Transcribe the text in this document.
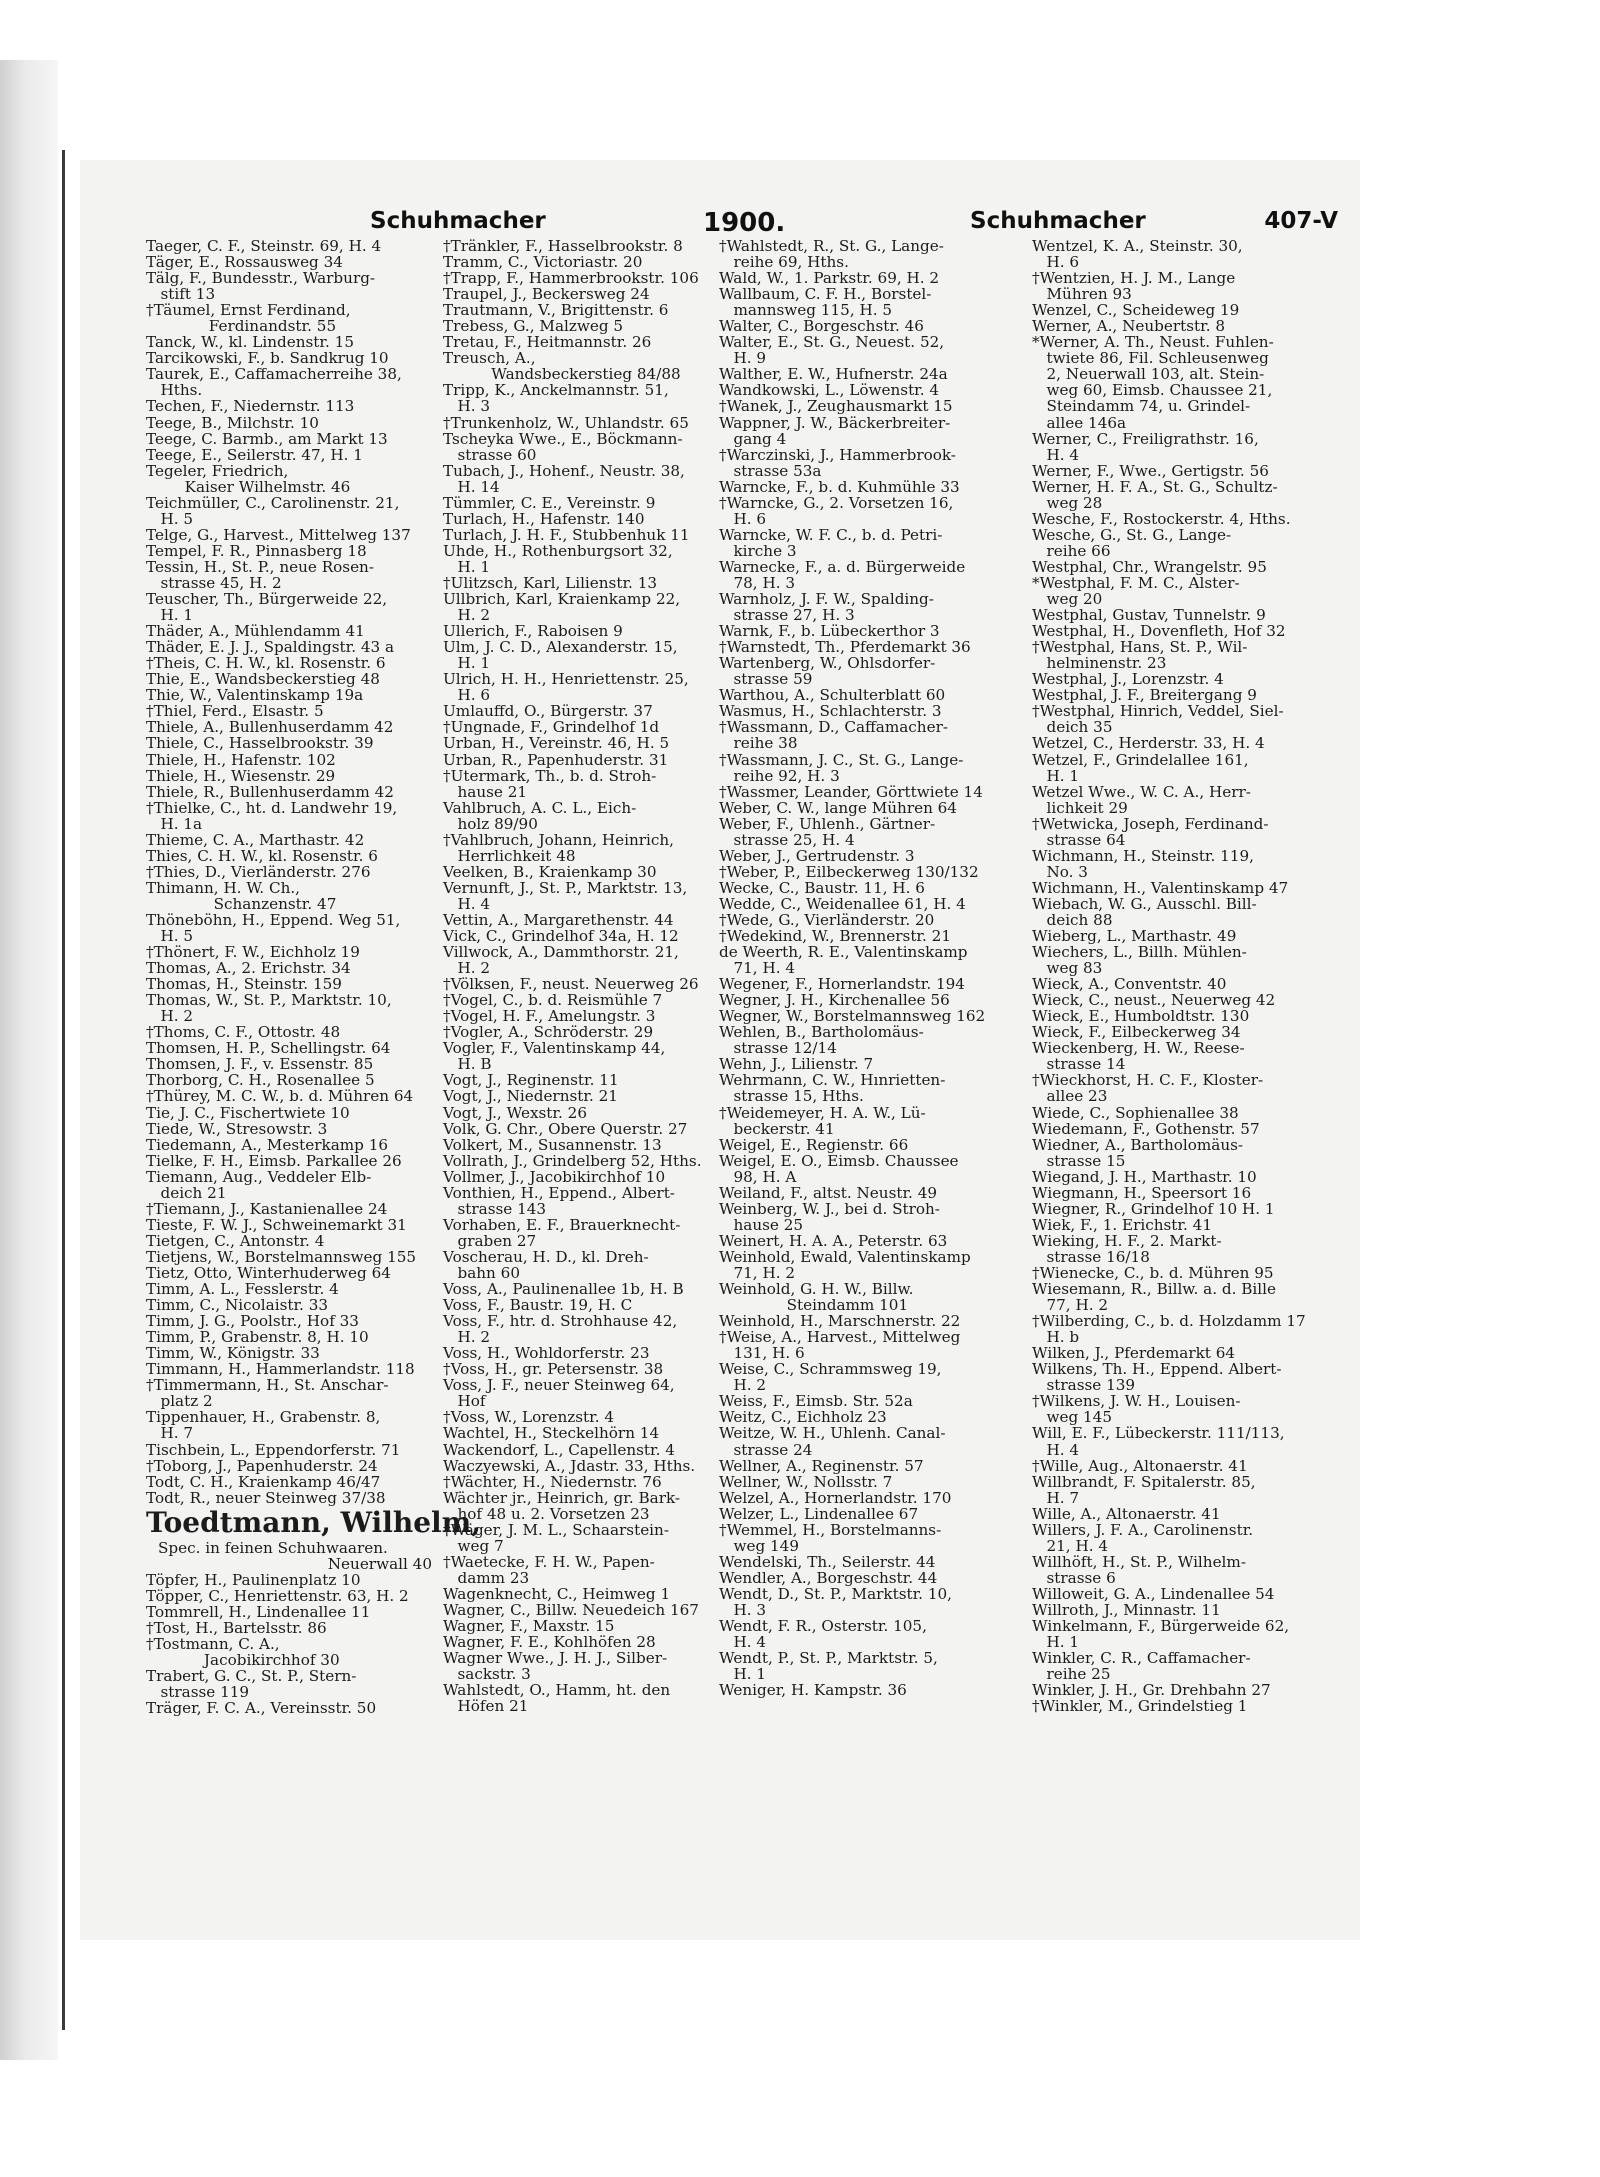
Schuhmacher	1900.	Schuhmacher	407-V
Taeger, C. F., Steinstr. 69, H. 4
Täger, E., Rossausweg 34
Tälg, F., Bundesstr., Warburg-
stift 13
†Täumel, Ernst Ferdinand,
Ferdinandstr. 55
Tanck, W., kl. Lindenstr. 15
Tarcikowski, F., b. Sandkrug 10
Taurek, E., Caffamacherreihe 38,
Hths.
Techen, F., Niedernstr. 113
Teege, B., Milchstr. 10
Teege, C. Barmb., am Markt 13
Teege, E., Seilerstr. 47, H. 1
Tegeler, Friedrich,
Kaiser Wilhelmstr. 46
Teichmüller, C., Carolinenstr. 21,
H. 5
Telge, G., Harvest., Mittelweg 137
Tempel, F. R., Pinnasberg 18
Tessin, H., St. P., neue Rosen-
strasse 45, H. 2
Teuscher, Th., Bürgerweide 22,
H. 1
Thäder, A., Mühlendamm 41
Thäder, E. J. J., Spaldingstr. 43 a
†Theis, C. H. W., kl. Rosenstr. 6
Thie, E., Wandsbeckerstieg 48
Thie, W., Valentinskamp 19a
†Thiel, Ferd., Elsastr. 5
Thiele, A., Bullenhuserdamm 42
Thiele, C., Hasselbrookstr. 39
Thiele, H., Hafenstr. 102
Thiele, H., Wiesenstr. 29
Thiele, R., Bullenhuserdamm 42
†Thielke, C., ht. d. Landwehr 19,
H. 1a
Thieme, C. A., Marthastr. 42
Thies, C. H. W., kl. Rosenstr. 6
†Thies, D., Vierländerstr. 276
Thimann, H. W. Ch.,
Schanzenstr. 47
Thöneböhn, H., Eppend. Weg 51,
H. 5
†Thönert, F. W., Eichholz 19
Thomas, A., 2. Erichstr. 34
Thomas, H., Steinstr. 159
Thomas, W., St. P., Marktstr. 10,
H. 2
†Thoms, C. F., Ottostr. 48
Thomsen, H. P., Schellingstr. 64
Thomsen, J. F., v. Essenstr. 85
Thorborg, C. H., Rosenallee 5
†Thürey, M. C. W., b. d. Mühren 64
Tie, J. C., Fischertwiete 10
Tiede, W., Stresowstr. 3
Tiedemann, A., Mesterkamp 16
Tielke, F. H., Eimsb. Parkallee 26
Tiemann, Aug., Veddeler Elb-
deich 21
†Tiemann, J., Kastanienallee 24
Tieste, F. W. J., Schweinemarkt 31
Tietgen, C., Antonstr. 4
Tietjens, W., Borstelmannsweg 155
Tietz, Otto, Winterhuderweg 64
Timm, A. L., Fesslerstr. 4
Timm, C., Nicolaistr. 33
Timm, J. G., Poolstr., Hof 33
Timm, P., Grabenstr. 8, H. 10
Timm, W., Königstr. 33
Timmann, H., Hammerlandstr. 118
†Timmermann, H., St. Anschar-
platz 2
Tippenhauer, H., Grabenstr. 8,
H. 7
Tischbein, L., Eppendorferstr. 71
†Toborg, J., Papenhuderstr. 24
Todt, C. H., Kraienkamp 46/47
Todt, R., neuer Steinweg 37/38
Toedtmann, Wilhelm,
Spec. in feinen Schuhwaaren.
Neuerwall 40
Töpfer, H., Paulinenplatz 10
Töpper, C., Henriettenstr. 63, H. 2
Tommrell, H., Lindenallee 11
†Tost, H., Bartelsstr. 86
†Tostmann, C. A.,
Jacobikirchhof 30
Trabert, G. C., St. P., Stern-
strasse 119
Träger, F. C. A., Vereinsstr. 50
†Tränkler, F., Hasselbrookstr. 8
Tramm, C., Victoriastr. 20
†Trapp, F., Hammerbrookstr. 106
Traupel, J., Beckersweg 24
Trautmann, V., Brigittenstr. 6
Trebess, G., Malzweg 5
Tretau, F., Heitmannstr. 26
Treusch, A.,
Wandsbeckerstieg 84/88
Tripp, K., Anckelmannstr. 51,
H. 3
†Trunkenholz, W., Uhlandstr. 65
Tscheyka Wwe., E., Böckmann-
strasse 60
Tubach, J., Hohenf., Neustr. 38,
H. 14
Tümmler, C. E., Vereinstr. 9
Turlach, H., Hafenstr. 140
Turlach, J. H. F., Stubbenhuk 11
Uhde, H., Rothenburgsort 32,
H. 1
†Ulitzsch, Karl, Lilienstr. 13
Ullbrich, Karl, Kraienkamp 22,
H. 2
Ullerich, F., Raboisen 9
Ulm, J. C. D., Alexanderstr. 15,
H. 1
Ulrich, H. H., Henriettenstr. 25,
H. 6
Umlauffd, O., Bürgerstr. 37
†Ungnade, F., Grindelhof 1d
Urban, H., Vereinstr. 46, H. 5
Urban, R., Papenhuderstr. 31
†Utermark, Th., b. d. Stroh-
hause 21
Vahlbruch, A. C. L., Eich-
holz 89/90
†Vahlbruch, Johann, Heinrich,
Herrlichkeit 48
Veelken, B., Kraienkamp 30
Vernunft, J., St. P., Marktstr. 13,
H. 4
Vettin, A., Margarethenstr. 44
Vick, C., Grindelhof 34a, H. 12
Villwock, A., Dammthorstr. 21,
H. 2
†Völksen, F., neust. Neuerweg 26
†Vogel, C., b. d. Reismühle 7
†Vogel, H. F., Amelungstr. 3
†Vogler, A., Schröderstr. 29
Vogler, F., Valentinskamp 44,
H. B
Vogt, J., Reginenstr. 11
Vogt, J., Niedernstr. 21
Vogt, J., Wexstr. 26
Volk, G. Chr., Obere Querstr. 27
Volkert, M., Susannenstr. 13
Vollrath, J., Grindelberg 52, Hths.
Vollmer, J., Jacobikirchhof 10
Vonthien, H., Eppend., Albert-
strasse 143
Vorhaben, E. F., Brauerknecht-
graben 27
Voscherau, H. D., kl. Dreh-
bahn 60
Voss, A., Paulinenallee 1b, H. B
Voss, F., Baustr. 19, H. C
Voss, F., htr. d. Strohhause 42,
H. 2
Voss, H., Wohldorferstr. 23
†Voss, H., gr. Petersenstr. 38
Voss, J. F., neuer Steinweg 64,
Hof
†Voss, W., Lorenzstr. 4
Wachtel, H., Steckelhörn 14
Wackendorf, L., Capellenstr. 4
Waczyewski, A., Jdastr. 33, Hths.
†Wächter, H., Niedernstr. 76
Wächter jr., Heinrich, gr. Bark-
hof 48 u. 2. Vorsetzen 23
†Wäger, J. M. L., Schaarstein-
weg 7
†Waetecke, F. H. W., Papen-
damm 23
Wagenknecht, C., Heimweg 1
Wagner, C., Billw. Neuedeich 167
Wagner, F., Maxstr. 15
Wagner, F. E., Kohlhöfen 28
Wagner Wwe., J. H. J., Silber-
sackstr. 3
Wahlstedt, O., Hamm, ht. den
Höfen 21
†Wahlstedt, R., St. G., Lange-
reihe 69, Hths.
Wald, W., 1. Parkstr. 69, H. 2
Wallbaum, C. F. H., Borstel-
mannsweg 115, H. 5
Walter, C., Borgeschstr. 46
Walter, E., St. G., Neuest. 52,
H. 9
Walther, E. W., Hufnerstr. 24a
Wandkowski, L., Löwenstr. 4
†Wanek, J., Zeughausmarkt 15
Wappner, J. W., Bäckerbreiter-
gang 4
†Warczinski, J., Hammerbrook-
strasse 53a
Warncke, F., b. d. Kuhmühle 33
†Warncke, G., 2. Vorsetzen 16,
H. 6
Warncke, W. F. C., b. d. Petri-
kirche 3
Warnecke, F., a. d. Bürgerweide
78, H. 3
Warnholz, J. F. W., Spalding-
strasse 27, H. 3
Warnk, F., b. Lübeckerthor 3
†Warnstedt, Th., Pferdemarkt 36
Wartenberg, W., Ohlsdorfer-
strasse 59
Warthou, A., Schulterblatt 60
Wasmus, H., Schlachterstr. 3
†Wassmann, D., Caffamacher-
reihe 38
†Wassmann, J. C., St. G., Lange-
reihe 92, H. 3
†Wassmer, Leander, Görttwiete 14
Weber, C. W., lange Mühren 64
Weber, F., Uhlenh., Gärtner-
strasse 25, H. 4
Weber, J., Gertrudenstr. 3
†Weber, P., Eilbeckerweg 130/132
Wecke, C., Baustr. 11, H. 6
Wedde, C., Weidenallee 61, H. 4
†Wede, G., Vierländerstr. 20
†Wedekind, W., Brennerstr. 21
de Weerth, R. E., Valentinskamp
71, H. 4
Wegener, F., Hornerlandstr. 194
Wegner, J. H., Kirchenallee 56
Wegner, W., Borstelmannsweg 162
Wehlen, B., Bartholomäus-
strasse 12/14
Wehn, J., Lilienstr. 7
Wehrmann, C. W., Hınrietten-
strasse 15, Hths.
†Weidemeyer, H. A. W., Lü-
beckerstr. 41
Weigel, E., Regienstr. 66
Weigel, E. O., Eimsb. Chaussee
98, H. A
Weiland, F., altst. Neustr. 49
Weinberg, W. J., bei d. Stroh-
hause 25
Weinert, H. A. A., Peterstr. 63
Weinhold, Ewald, Valentinskamp
71, H. 2
Weinhold, G. H. W., Billw.
Steindamm 101
Weinhold, H., Marschnerstr. 22
†Weise, A., Harvest., Mittelweg
131, H. 6
Weise, C., Schrammsweg 19,
H. 2
Weiss, F., Eimsb. Str. 52a
Weitz, C., Eichholz 23
Weitze, W. H., Uhlenh. Canal-
strasse 24
Wellner, A., Reginenstr. 57
Wellner, W., Nollsstr. 7
Welzel, A., Hornerlandstr. 170
Welzer, L., Lindenallee 67
†Wemmel, H., Borstelmanns-
weg 149
Wendelski, Th., Seilerstr. 44
Wendler, A., Borgeschstr. 44
Wendt, D., St. P., Marktstr. 10,
H. 3
Wendt, F. R., Osterstr. 105,
H. 4
Wendt, P., St. P., Marktstr. 5,
H. 1
Weniger, H. Kampstr. 36
Wentzel, K. A., Steinstr. 30,
H. 6
†Wentzien, H. J. M., Lange
Mühren 93
Wenzel, C., Scheideweg 19
Werner, A., Neubertstr. 8
*Werner, A. Th., Neust. Fuhlen-
twiete 86, Fil. Schleusenweg
2, Neuerwall 103, alt. Stein-
weg 60, Eimsb. Chaussee 21,
Steindamm 74, u. Grindel-
allee 146a
Werner, C., Freiligrathstr. 16,
H. 4
Werner, F., Wwe., Gertigstr. 56
Werner, H. F. A., St. G., Schultz-
weg 28
Wesche, F., Rostockerstr. 4, Hths.
Wesche, G., St. G., Lange-
reihe 66
Westphal, Chr., Wrangelstr. 95
*Westphal, F. M. C., Alster-
weg 20
Westphal, Gustav, Tunnelstr. 9
Westphal, H., Dovenfleth, Hof 32
†Westphal, Hans, St. P., Wil-
helminenstr. 23
Westphal, J., Lorenzstr. 4
Westphal, J. F., Breitergang 9
†Westphal, Hinrich, Veddel, Siel-
deich 35
Wetzel, C., Herderstr. 33, H. 4
Wetzel, F., Grindelallee 161,
H. 1
Wetzel Wwe., W. C. A., Herr-
lichkeit 29
†Wetwicka, Joseph, Ferdinand-
strasse 64
Wichmann, H., Steinstr. 119,
No. 3
Wichmann, H., Valentinskamp 47
Wiebach, W. G., Ausschl. Bill-
deich 88
Wieberg, L., Marthastr. 49
Wiechers, L., Billh. Mühlen-
weg 83
Wieck, A., Conventstr. 40
Wieck, C., neust., Neuerweg 42
Wieck, E., Humboldtstr. 130
Wieck, F., Eilbeckerweg 34
Wieckenberg, H. W., Reese-
strasse 14
†Wieckhorst, H. C. F., Kloster-
allee 23
Wiede, C., Sophienallee 38
Wiedemann, F., Gothenstr. 57
Wiedner, A., Bartholomäus-
strasse 15
Wiegand, J. H., Marthastr. 10
Wiegmann, H., Speersort 16
Wiegner, R., Grindelhof 10 H. 1
Wiek, F., 1. Erichstr. 41
Wieking, H. F., 2. Markt-
strasse 16/18
†Wienecke, C., b. d. Mühren 95
Wiesemann, R., Billw. a. d. Bille
77, H. 2
†Wilberding, C., b. d. Holzdamm 17
H. b
Wilken, J., Pferdemarkt 64
Wilkens, Th. H., Eppend. Albert-
strasse 139
†Wilkens, J. W. H., Louisen-
weg 145
Will, E. F., Lübeckerstr. 111/113,
H. 4
†Wille, Aug., Altonaerstr. 41
Willbrandt, F. Spitalerstr. 85,
H. 7
Wille, A., Altonaerstr. 41
Willers, J. F. A., Carolinenstr.
21, H. 4
Willhöft, H., St. P., Wilhelm-
strasse 6
Willoweit, G. A., Lindenallee 54
Willroth, J., Minnastr. 11
Winkelmann, F., Bürgerweide 62,
H. 1
Winkler, C. R., Caffamacher-
reihe 25
Winkler, J. H., Gr. Drehbahn 27
†Winkler, M., Grindelstieg 1
